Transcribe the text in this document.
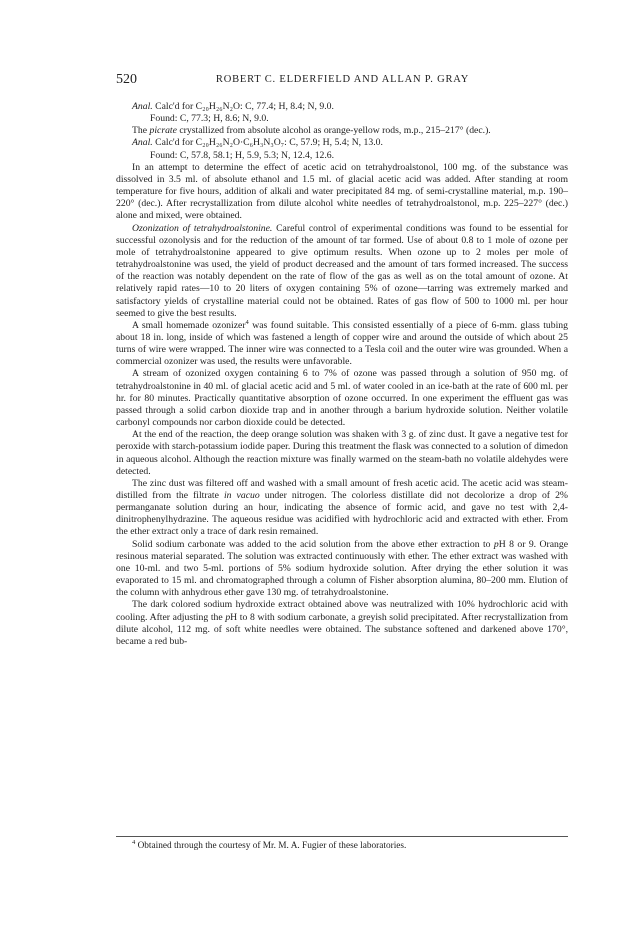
520	ROBERT C. ELDERFIELD AND ALLAN P. GRAY

Anal. Calc'd for C₂₀H₂₆N₂O: C, 77.4; H, 8.4; N, 9.0.

Found: C, 77.3; H, 8.6; N, 9.0.

The picrate crystallized from absolute alcohol as orange-yellow rods, m.p., 215–217° (dec.).

Anal. Calc'd for C₂₀H₂₆N₂O·C₆H₃N₃O₇: C, 57.9; H, 5.4; N, 13.0.

Found: C, 57.8, 58.1; H, 5.9, 5.3; N, 12.4, 12.6.

In an attempt to determine the effect of acetic acid on tetrahydroalstonol, 100 mg. of the substance was dissolved in 3.5 ml. of absolute ethanol and 1.5 ml. of glacial acetic acid was added. After standing at room temperature for five hours, addition of alkali and water precipitated 84 mg. of semi-crystalline material, m.p. 190–220° (dec.). After recrystallization from dilute alcohol white needles of tetrahydroalstonol, m.p. 225–227° (dec.) alone and mixed, were obtained.

Ozonization of tetrahydroalstonine. Careful control of experimental conditions was found to be essential for successful ozonolysis and for the reduction of the amount of tar formed. Use of about 0.8 to 1 mole of ozone per mole of tetrahydroalstonine appeared to give optimum results. When ozone up to 2 moles per mole of tetrahydroalstonine was used, the yield of product decreased and the amount of tars formed increased. The success of the reaction was notably dependent on the rate of flow of the gas as well as on the total amount of ozone. At relatively rapid rates—10 to 20 liters of oxygen containing 5% of ozone—tarring was extremely marked and satisfactory yields of crystalline material could not be obtained. Rates of gas flow of 500 to 1000 ml. per hour seemed to give the best results.

A small homemade ozonizer$^4$ was found suitable. This consisted essentially of a piece of 6-mm. glass tubing about 18 in. long, inside of which was fastened a length of copper wire and around the outside of which about 25 turns of wire were wrapped. The inner wire was connected to a Tesla coil and the outer wire was grounded. When a commercial ozonizer was used, the results were unfavorable.

A stream of ozonized oxygen containing 6 to 7% of ozone was passed through a solution of 950 mg. of tetrahydroalstonine in 40 ml. of glacial acetic acid and 5 ml. of water cooled in an ice-bath at the rate of 600 ml. per hr. for 80 minutes. Practically quantitative absorption of ozone occurred. In one experiment the effluent gas was passed through a solid carbon dioxide trap and in another through a barium hydroxide solution. Neither volatile carbonyl compounds nor carbon dioxide could be detected.

At the end of the reaction, the deep orange solution was shaken with 3 g. of zinc dust. It gave a negative test for peroxide with starch-potassium iodide paper. During this treatment the flask was connected to a solution of dimedon in aqueous alcohol. Although the reaction mixture was finally warmed on the steam-bath no volatile aldehydes were detected.

The zinc dust was filtered off and washed with a small amount of fresh acetic acid. The acetic acid was steam-distilled from the filtrate in vacuo under nitrogen. The colorless distillate did not decolorize a drop of 2% permanganate solution during an hour, indicating the absence of formic acid, and gave no test with 2,4-dinitrophenylhydrazine. The aqueous residue was acidified with hydrochloric acid and extracted with ether. From the ether extract only a trace of dark resin remained.

Solid sodium carbonate was added to the acid solution from the above ether extraction to pH 8 or 9. Orange resinous material separated. The solution was extracted continuously with ether. The ether extract was washed with one 10-ml. and two 5-ml. portions of 5% sodium hydroxide solution. After drying the ether solution it was evaporated to 15 ml. and chromatographed through a column of Fisher absorption alumina, 80–200 mm. Elution of the column with anhydrous ether gave 130 mg. of tetrahydroalstonine.

The dark colored sodium hydroxide extract obtained above was neutralized with 10% hydrochloric acid with cooling. After adjusting the pH to 8 with sodium carbonate, a greyish solid precipitated. After recrystallization from dilute alcohol, 112 mg. of soft white needles were obtained. The substance softened and darkened above 170°, became a red bub-

$^4$ Obtained through the courtesy of Mr. M. A. Fugier of these laboratories.
